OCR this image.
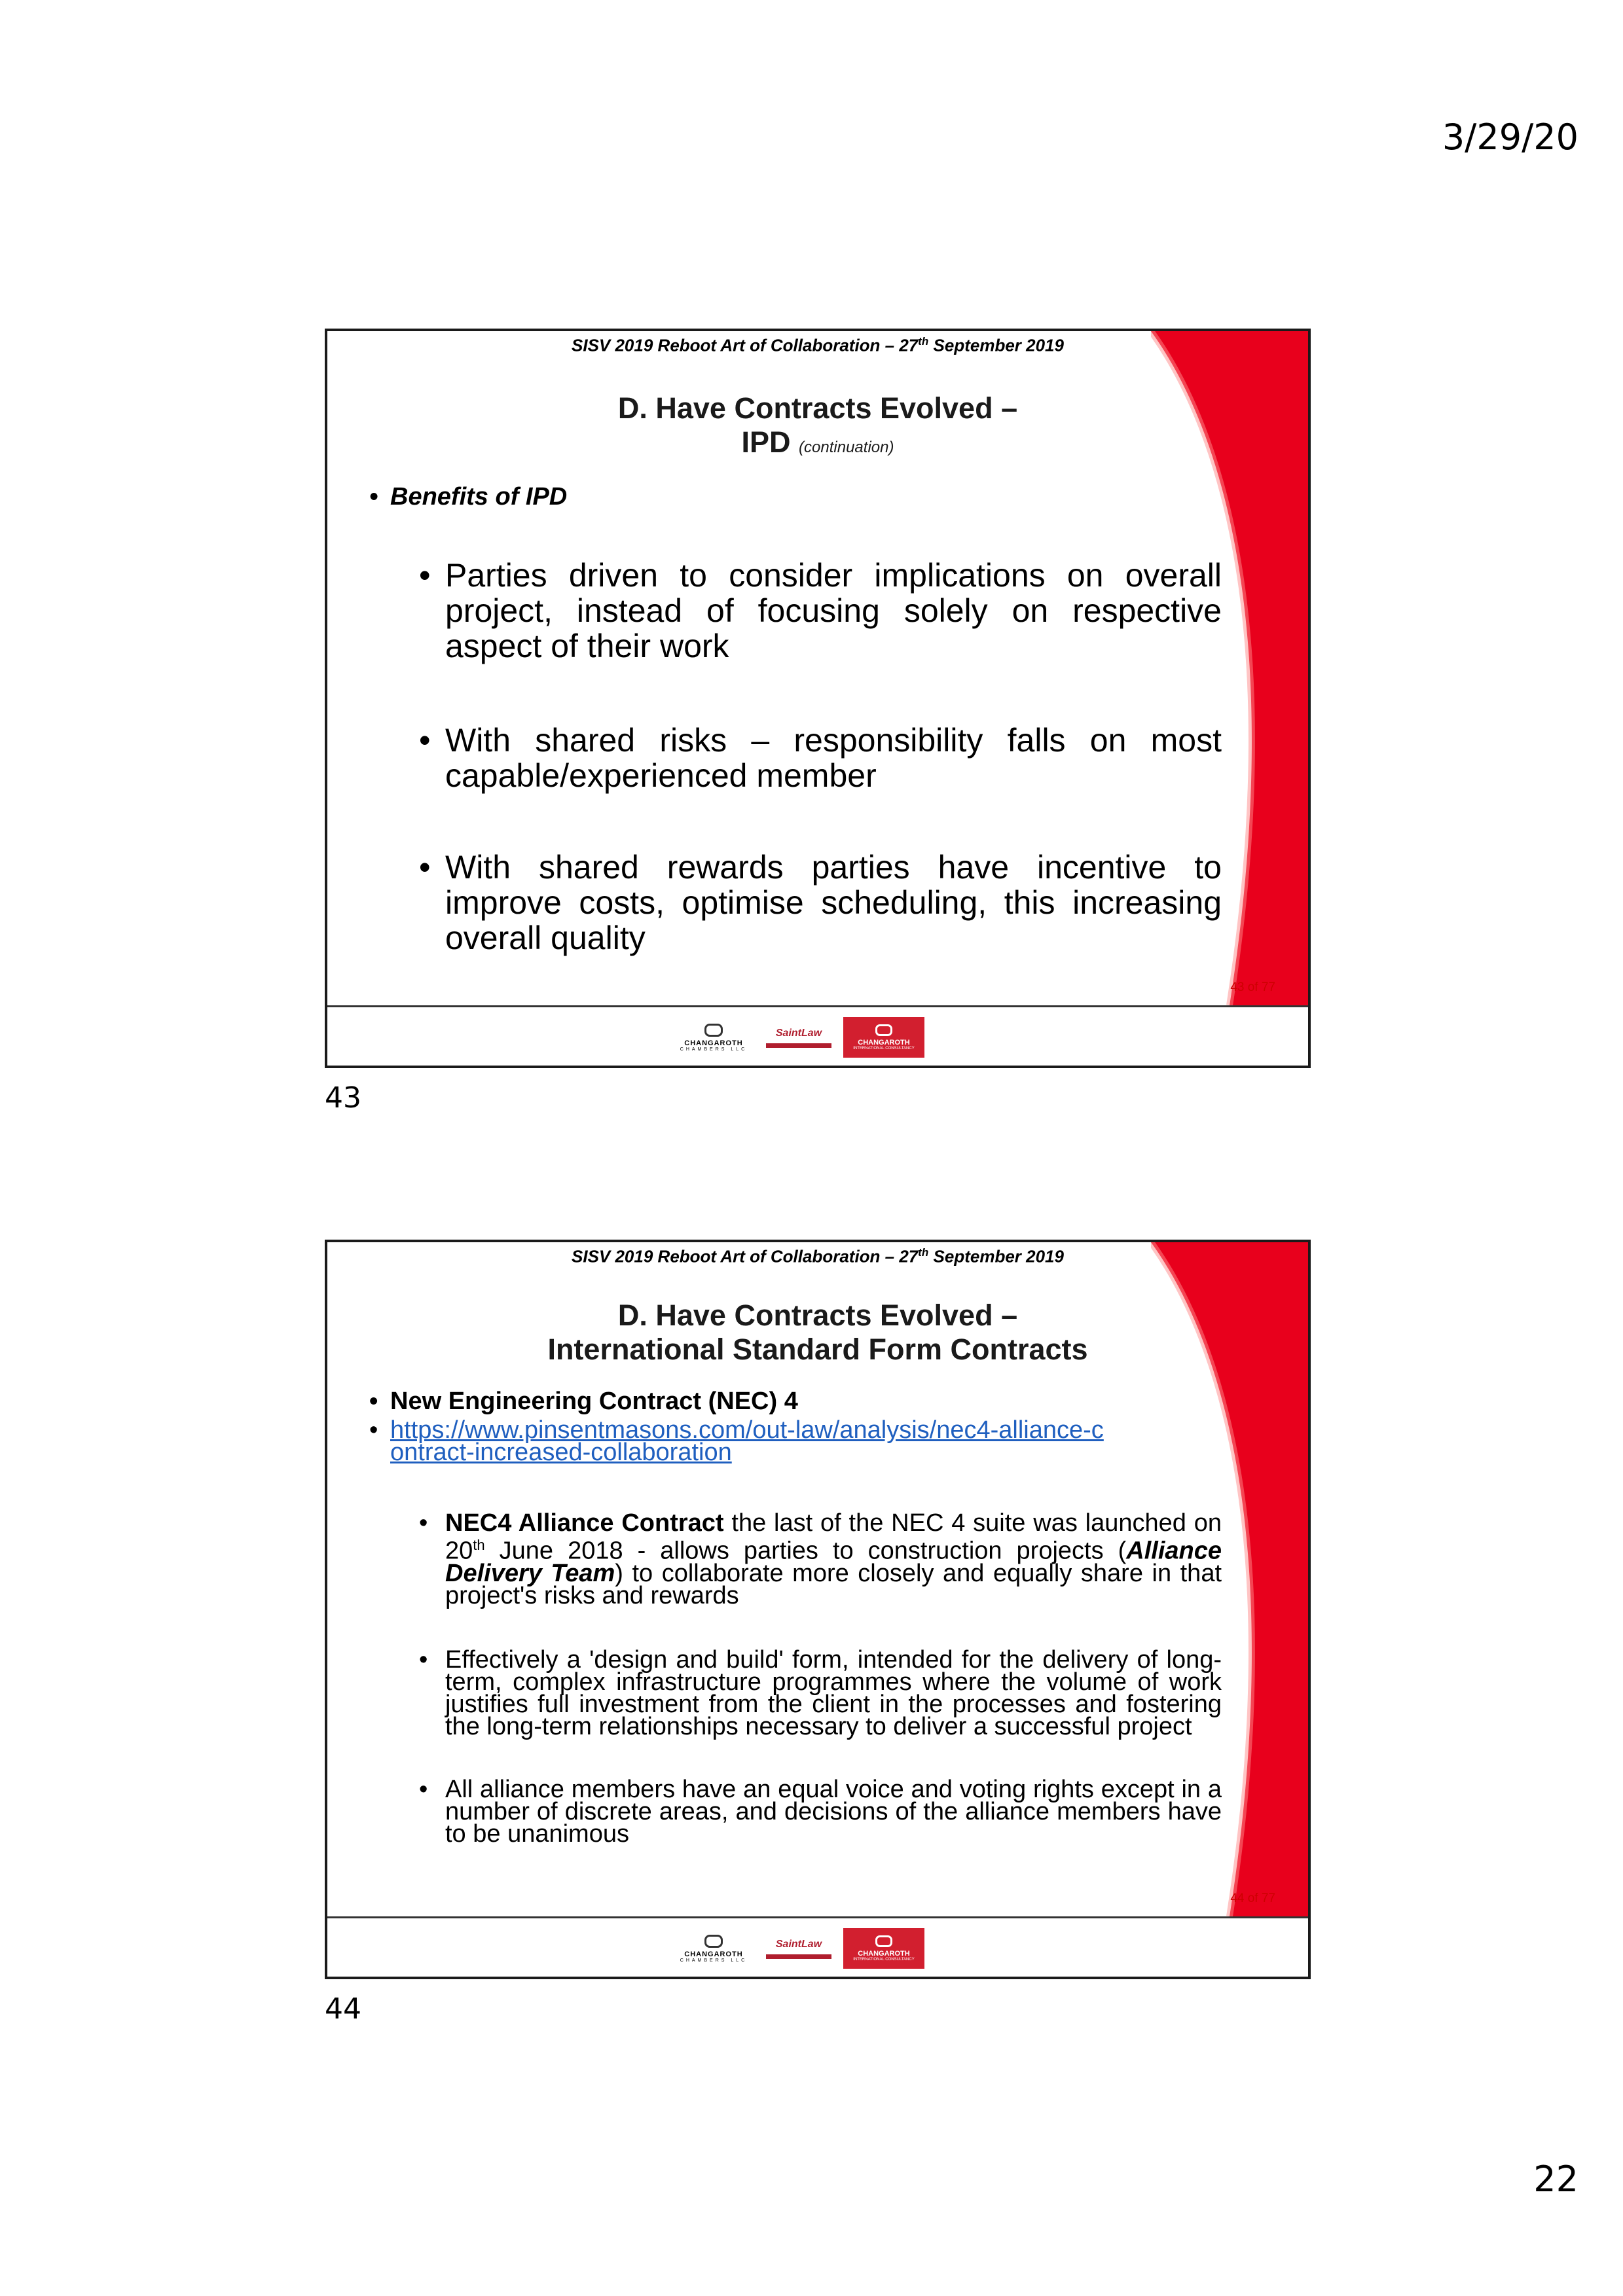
3/29/20
SISV 2019 Reboot Art of Collaboration – 27th September 2019
D. Have Contracts Evolved –
IPD (continuation)
• Benefits of IPD
• Parties driven to consider implications on overall project, instead of focusing solely on respective aspect of their work
• With shared risks – responsibility falls on most capable/experienced member
• With shared rewards parties have incentive to improve costs, optimise scheduling, this increasing overall quality
43 of 77
CHANGAROTH
CHAMBERS LLC
SaintLaw
CHANGAROTH
INTERNATIONAL CONSULTANCY
43
SISV 2019 Reboot Art of Collaboration – 27th September 2019
D. Have Contracts Evolved –
International Standard Form Contracts
• New Engineering Contract (NEC) 4
• https://www.pinsentmasons.com/out-law/analysis/nec4-alliance-contract-increased-collaboration
• NEC4 Alliance Contract the last of the NEC 4 suite was launched on 20th June 2018 - allows parties to construction projects (Alliance Delivery Team) to collaborate more closely and equally share in that project's risks and rewards
• Effectively a 'design and build' form, intended for the delivery of long-term, complex infrastructure programmes where the volume of work justifies full investment from the client in the processes and fostering the long-term relationships necessary to deliver a successful project
• All alliance members have an equal voice and voting rights except in a number of discrete areas, and decisions of the alliance members have to be unanimous
44 of 77
CHANGAROTH
CHAMBERS LLC
SaintLaw
CHANGAROTH
INTERNATIONAL CONSULTANCY
44
22
